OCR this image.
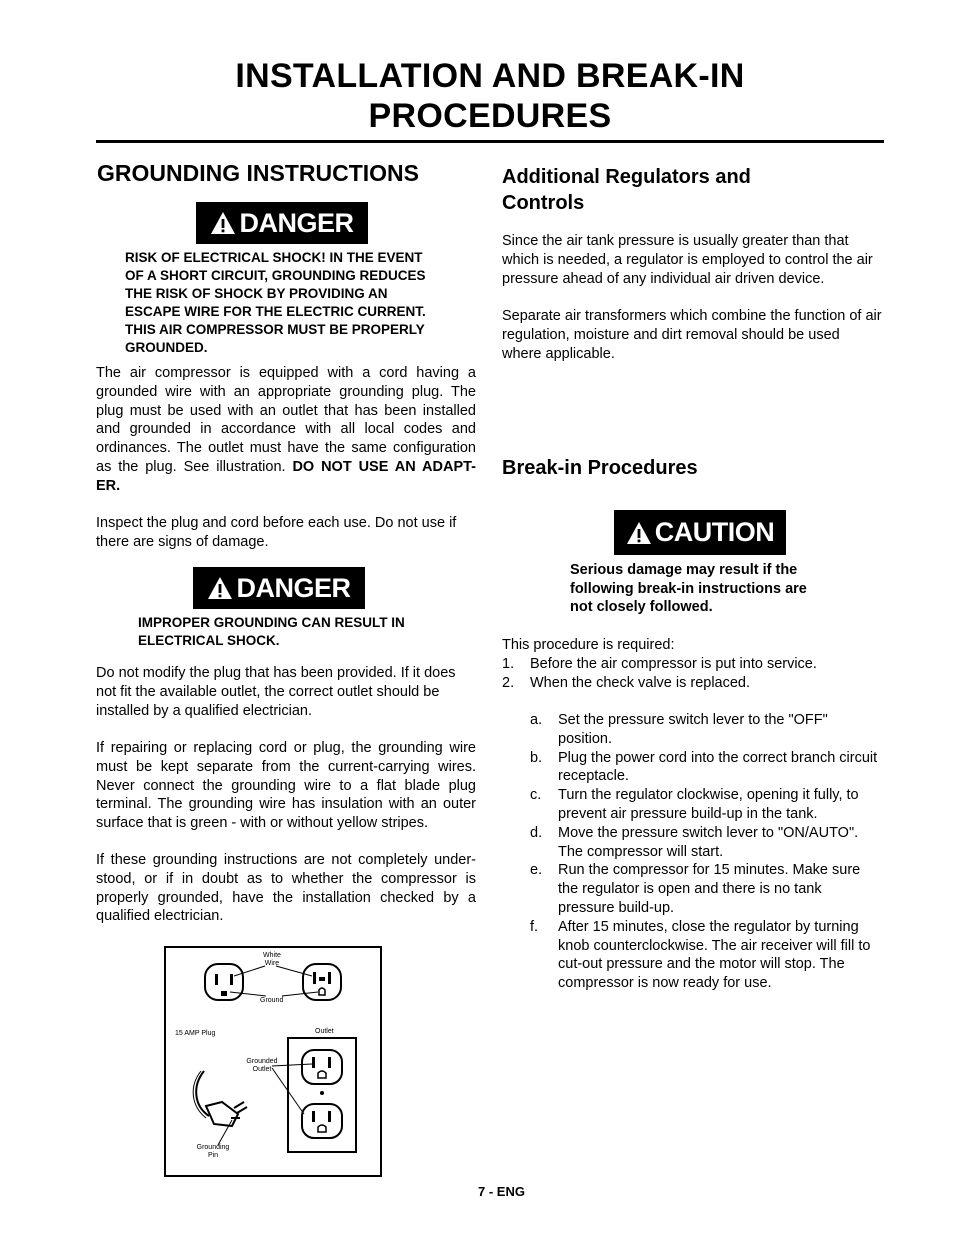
INSTALLATION AND BREAK-IN
PROCEDURES
GROUNDING INSTRUCTIONS
DANGER
RISK OF ELECTRICAL SHOCK! IN THE EVENT
OF A SHORT CIRCUIT, GROUNDING REDUCES
THE RISK OF SHOCK BY PROVIDING AN
ESCAPE WIRE FOR THE ELECTRIC CURRENT.
THIS AIR COMPRESSOR MUST BE PROPERLY
GROUNDED.
The air compressor is equipped with a cord having a grounded wire with an appropriate grounding plug. The plug must be used with an outlet that has been installed and grounded in accordance with all local codes and ordinances. The outlet must have the same configuration as the plug. See illustration. DO NOT USE AN ADAPT- ER.
Inspect the plug and cord before each use. Do not use if there are signs of damage.
DANGER
IMPROPER GROUNDING CAN RESULT IN
ELECTRICAL SHOCK.
Do not modify the plug that has been provided. If it does not fit the available outlet, the correct outlet should be installed by a qualified electrician.
If repairing or replacing cord or plug, the grounding wire must be kept separate from the current-carrying wires. Never connect the grounding wire to a flat blade plug terminal. The grounding wire has insulation with an outer surface that is green - with or without yellow stripes.
If these grounding instructions are not completely under-stood, or if in doubt as to whether the compressor is properly grounded, have the installation checked by a qualified electrician.
White Wire
Ground
15 AMP Plug	Outlet
Grounded Outlet
Grounding Pin
Additional Regulators and Controls
Since the air tank pressure is usually greater than that which is needed, a regulator is employed to control the air pressure ahead of any individual air driven device.
Separate air transformers which combine the function of air regulation, moisture and dirt removal should be used where applicable.
Break-in Procedures
CAUTION
Serious damage may result if the
following break-in instructions are
not closely followed.
This procedure is required:
1. Before the air compressor is put into service.
2. When the check valve is replaced.
a. Set the pressure switch lever to the "OFF" position.
b. Plug the power cord into the correct branch circuit receptacle.
c. Turn the regulator clockwise, opening it fully, to prevent air pressure build-up in the tank.
d. Move the pressure switch lever to "ON/AUTO". The compressor will start.
e. Run the compressor for 15 minutes. Make sure the regulator is open and there is no tank pressure build-up.
f. After 15 minutes, close the regulator by turning knob counterclockwise. The air receiver will fill to cut-out pressure and the motor will stop. The compressor is now ready for use.
7 - ENG
